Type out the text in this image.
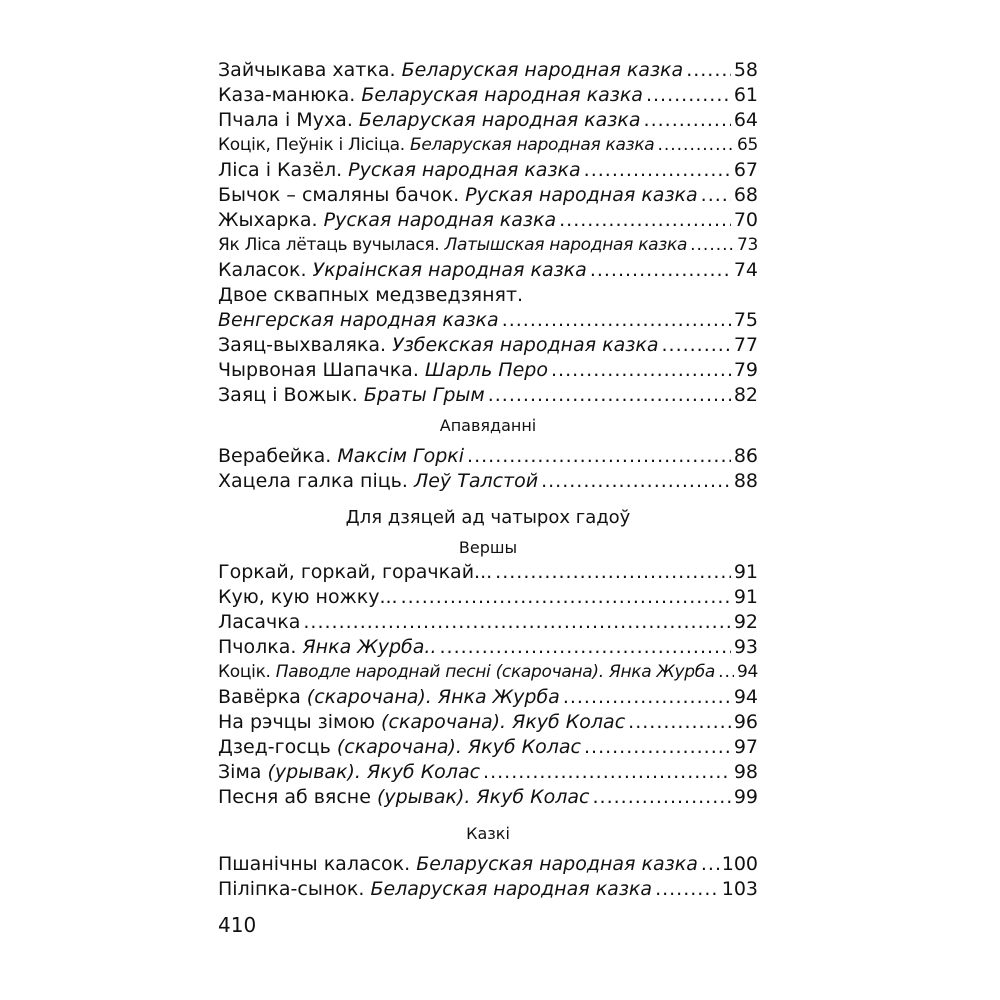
Зайчыкава хатка. Беларуская народная казка .....	58
Каза-манюка. Беларуская народная казка .....	61
Пчала і Муха. Беларуская народная казка .....	64
Коцік, Пеўнік і Лісіца. Беларуская народная казка .....	65
Ліса і Казёл. Руская народная казка .....	67
Бычок – смаляны бачок. Руская народная казка ..... 68
Жыхарка. Руская народная казка .....	70
Як Ліса лётаць вучылася. Латышская народная казка .....	73
Каласок. Украінская народная казка .....	74
Двое сквапных медзведзянят.
Венгерская народная казка .....	75
Заяц-выхваляка. Узбекская народная казка .....	77
Чырвоная Шапачка. Шарль Перо .....	79
Заяц і Вожык. Браты Грым .....	82
Апавяданні
Верабейка. Максім Горкі .....	86
Хацела галка піць. Леў Талстой .....	88
Для дзяцей ад чатырох гадоў
Вершы
Горкай, горкай, горачкай... .....	91
Кую, кую ножку... .....	91
Ласачка .....	92
Пчолка. Янка Журба.. .....	93
Коцік. Паводле народнай песні (скарочана). Янка Журба ..... 94
Вавёрка (скарочана). Янка Журба .....	94
На рэчцы зімою (скарочана). Якуб Колас .....	96
Дзед-госць (скарочана). Якуб Колас .....	97
Зіма (урывак). Якуб Колас .....	98
Песня аб вясне (урывак). Якуб Колас .....	99
Казкі
Пшанічны каласок. Беларуская народная казка ..... 100
Піліпка-сынок. Беларуская народная казка .....	103
410
